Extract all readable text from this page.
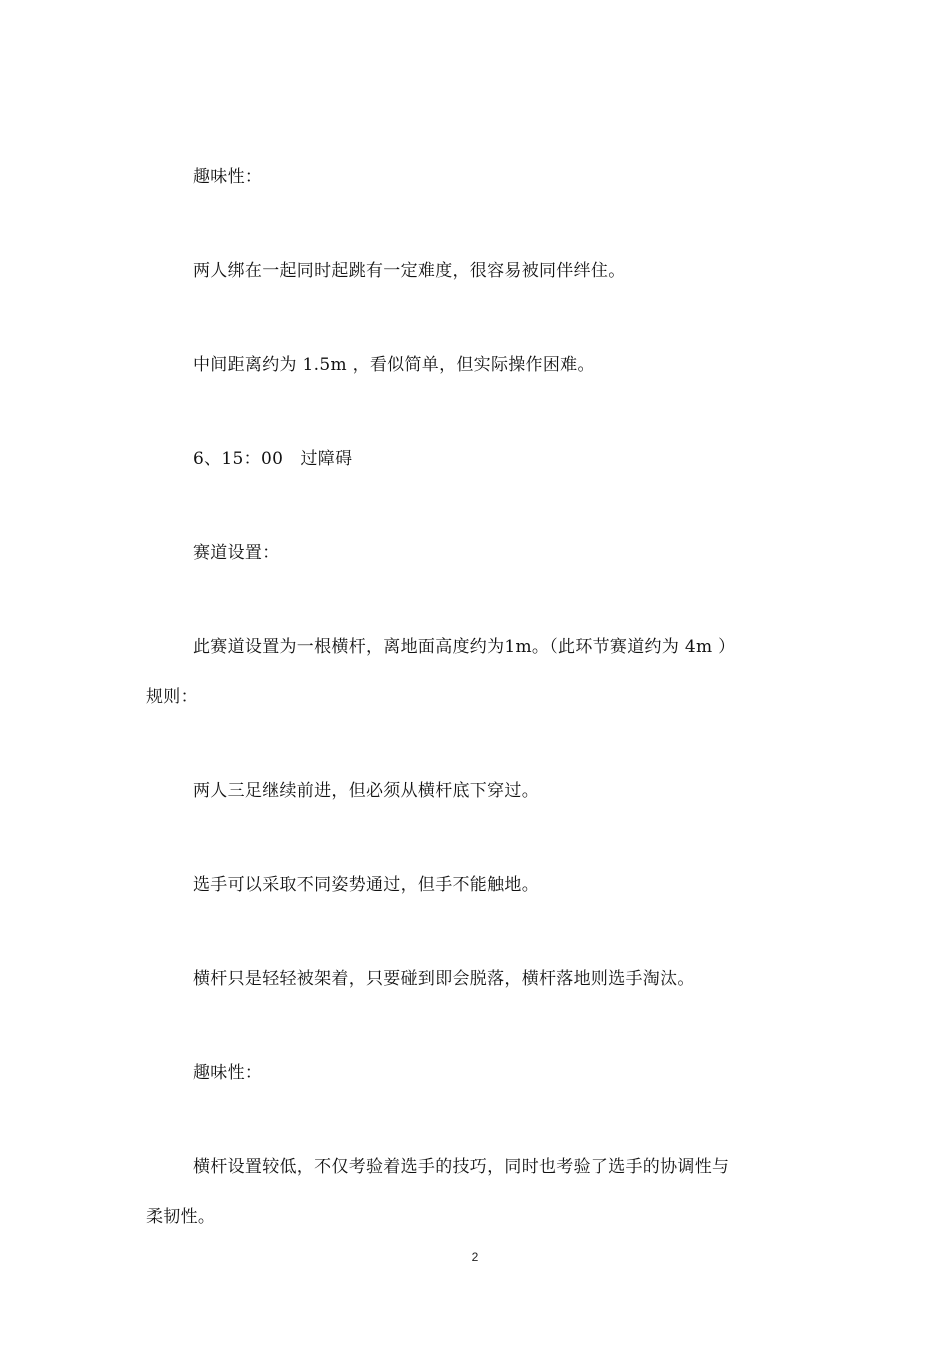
趣味性：
两人绑在一起同时起跳有一定难度，很容易被同伴绊住。
中间距离约为 1.5m ，看似简单，但实际操作困难。
6、15：00　过障碍
赛道设置：
此赛道设置为一根横杆，离地面高度约为1m。（此环节赛道约为 4m ）
规则：
两人三足继续前进，但必须从横杆底下穿过。
选手可以采取不同姿势通过，但手不能触地。
横杆只是轻轻被架着，只要碰到即会脱落，横杆落地则选手淘汰。
趣味性：
横杆设置较低，不仅考验着选手的技巧，同时也考验了选手的协调性与
柔韧性。
2
